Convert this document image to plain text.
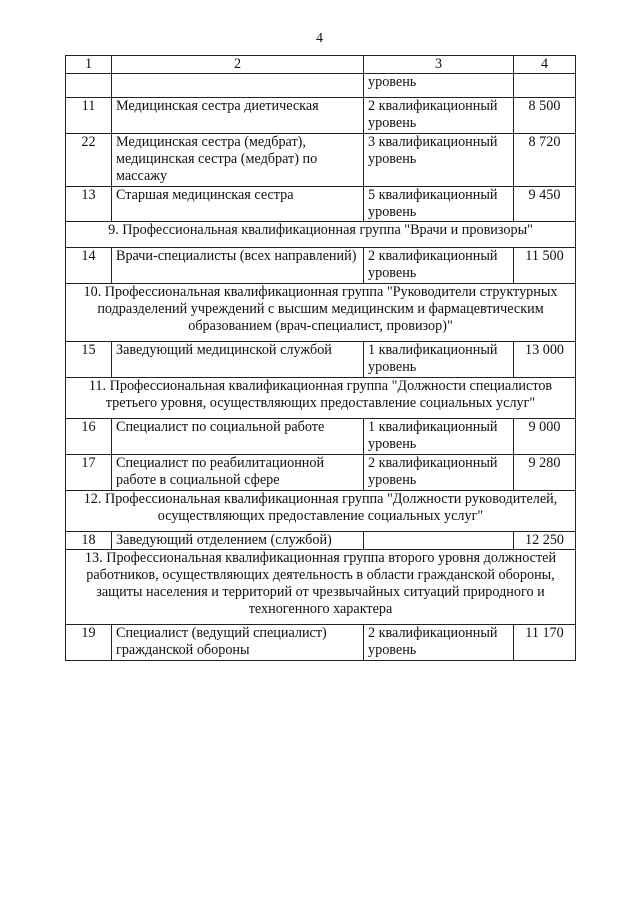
4
1	2	3	4
		уровень	
11	Медицинская сестра диетическая	2 квалификационный уровень	8 500
22	Медицинская сестра (медбрат), медицинская сестра (медбрат) по массажу	3 квалификационный уровень	8 720
13	Старшая медицинская сестра	5 квалификационный уровень	9 450
9. Профессиональная квалификационная группа "Врачи и провизоры"			
14	Врачи-специалисты (всех направлений)	2 квалификационный уровень	11 500
10. Профессиональная квалификационная группа "Руководители структурных подразделений учреждений с высшим медицинским и фармацевтическим образованием (врач-специалист, провизор)"			
15	Заведующий медицинской службой	1 квалификационный уровень	13 000
11. Профессиональная квалификационная группа "Должности специалистов третьего уровня, осуществляющих предоставление социальных услуг"			
16	Специалист по социальной работе	1 квалификационный уровень	9 000
17	Специалист по реабилитационной работе в социальной сфере	2 квалификационный уровень	9 280
12. Профессиональная квалификационная группа "Должности руководителей, осуществляющих предоставление социальных услуг"			
18	Заведующий отделением (службой)		12 250
13. Профессиональная квалификационная группа второго уровня должностей работников, осуществляющих деятельность в области гражданской обороны, защиты населения и территорий от чрезвычайных ситуаций природного и техногенного характера			
19	Специалист (ведущий специалист) гражданской обороны	2 квалификационный уровень	11 170
